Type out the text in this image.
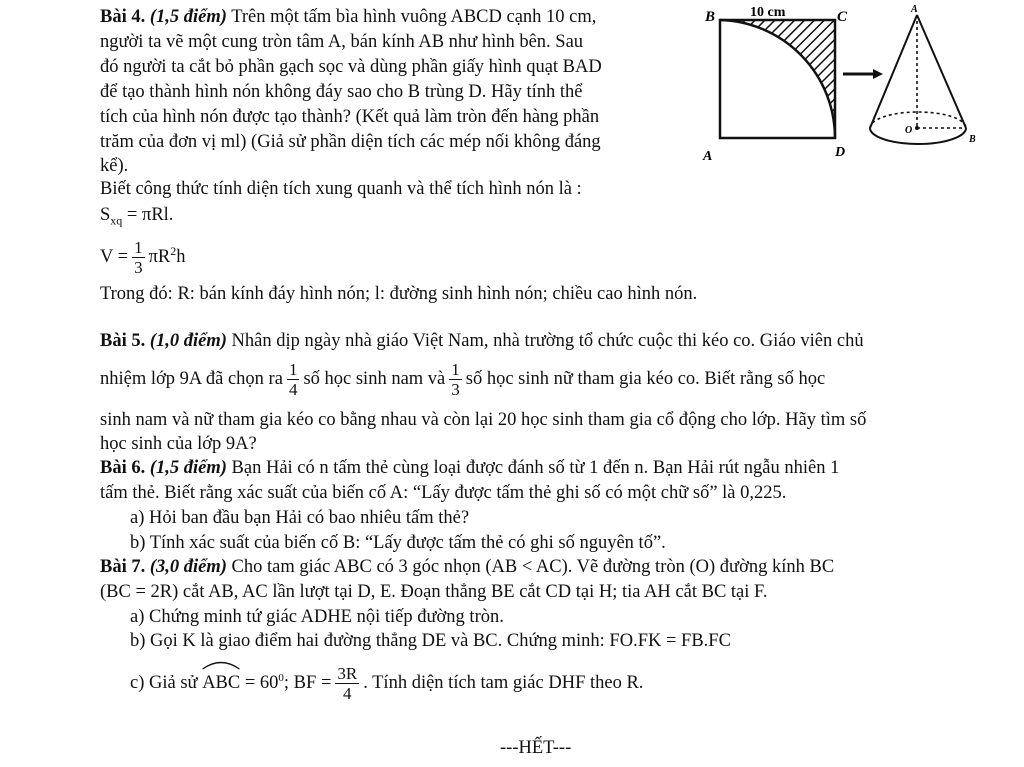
Bài 4. (1,5 điểm) Trên một tấm bìa hình vuông ABCD cạnh 10 cm,
người ta vẽ một cung tròn tâm A, bán kính AB như hình bên. Sau
đó người ta cắt bỏ phần gạch sọc và dùng phần giấy hình quạt BAD
để tạo thành hình nón không đáy sao cho B trùng D. Hãy tính thể
tích của hình nón được tạo thành? (Kết quả làm tròn đến hàng phần
trăm của đơn vị ml) (Giả sử phần diện tích các mép nối không đáng
kể).
Biết công thức tính diện tích xung quanh và thể tích hình nón là :
$S_{xq} = \pi Rl$.
$V = \frac{1}{3} \pi R^2h$
Trong đó: R: bán kính đáy hình nón; l: đường sinh hình nón; chiều cao hình nón.
B 10 cm	C
A	D
A
O
B
Bài 5. (1,0 điểm) Nhân dịp ngày nhà giáo Việt Nam, nhà trường tổ chức cuộc thi kéo co. Giáo viên chủ
nhiệm lớp 9A đã chọn ra $\frac{1}{4}$ số học sinh nam và $\frac{1}{3}$ số học sinh nữ tham gia kéo co. Biết rằng số học
sinh nam và nữ tham gia kéo co bằng nhau và còn lại 20 học sinh tham gia cổ động cho lớp. Hãy tìm số
học sinh của lớp 9A?
Bài 6. (1,5 điểm) Bạn Hải có n tấm thẻ cùng loại được đánh số từ 1 đến n. Bạn Hải rút ngẫu nhiên 1
tấm thẻ. Biết rằng xác suất của biến cố A: “Lấy được tấm thẻ ghi số có một chữ số” là 0,225.
a) Hỏi ban đầu bạn Hải có bao nhiêu tấm thẻ?
b) Tính xác suất của biến cố B: “Lấy được tấm thẻ có ghi số nguyên tố”.
Bài 7. (3,0 điểm) Cho tam giác ABC có 3 góc nhọn (AB < AC). Vẽ đường tròn (O) đường kính BC
(BC = 2R) cắt AB, AC lần lượt tại D, E. Đoạn thẳng BE cắt CD tại H; tia AH cắt BC tại F.
a) Chứng minh tứ giác ADHE nội tiếp đường tròn.
b) Gọi K là giao điểm hai đường thẳng DE và BC. Chứng minh: FO.FK = FB.FC
c) Giả sử ABC = $60^0$; BF = $\frac{3R}{4}$ . Tính diện tích tam giác DHF theo R.
---HẾT---
